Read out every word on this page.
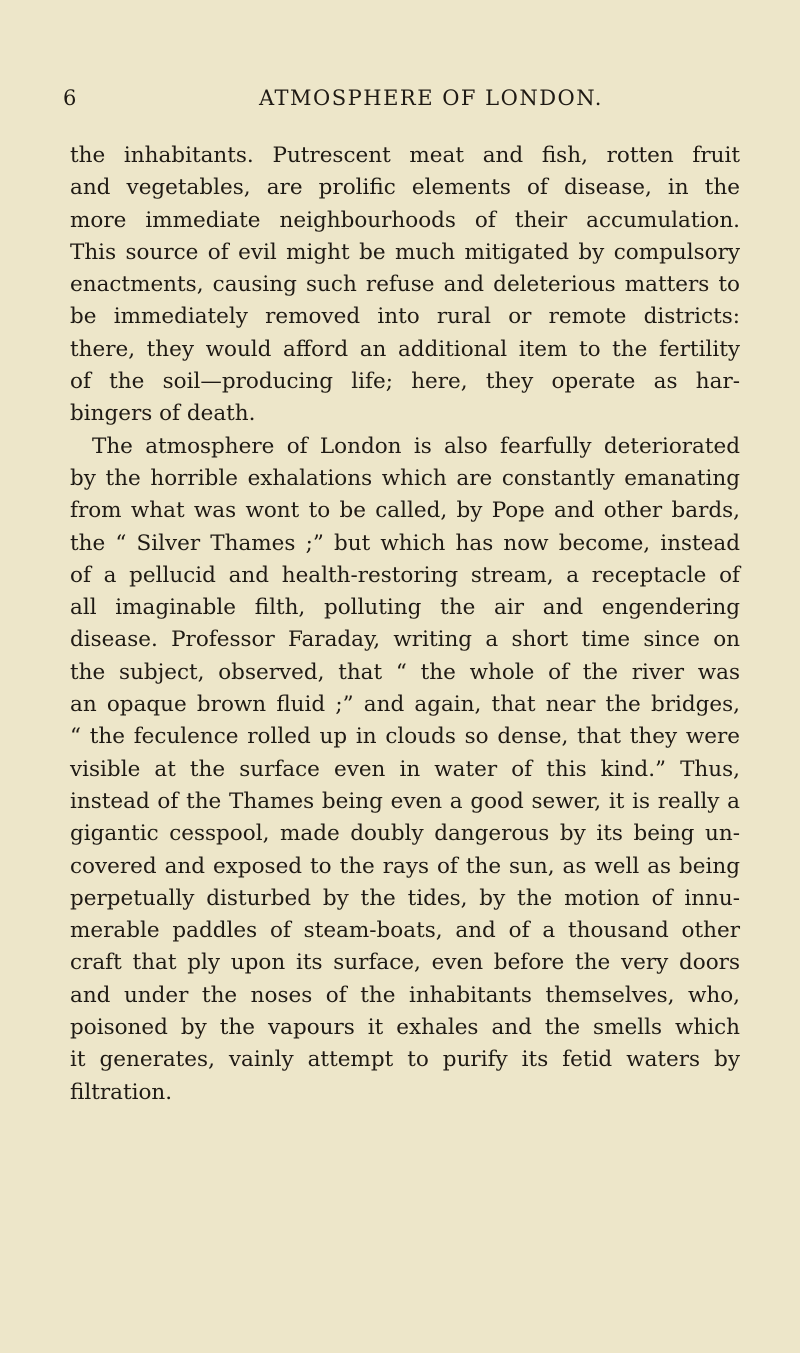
6	ATMOSPHERE OF LONDON.
the inhabitants. Putrescent meat and fish, rotten fruit
and vegetables, are prolific elements of disease, in the
more immediate neighbourhoods of their accumulation.
This source of evil might be much mitigated by compulsory
enactments, causing such refuse and deleterious matters to
be immediately removed into rural or remote districts:
there, they would afford an additional item to the fertility
of the soil—producing life; here, they operate as har-
bingers of death.
The atmosphere of London is also fearfully deteriorated
by the horrible exhalations which are constantly emanating
from what was wont to be called, by Pope and other bards,
the “ Silver Thames ;” but which has now become, instead
of a pellucid and health-restoring stream, a receptacle of
all imaginable filth, polluting the air and engendering
disease. Professor Faraday, writing a short time since on
the subject, observed, that “ the whole of the river was
an opaque brown fluid ;” and again, that near the bridges,
“ the feculence rolled up in clouds so dense, that they were
visible at the surface even in water of this kind.” Thus,
instead of the Thames being even a good sewer, it is really a
gigantic cesspool, made doubly dangerous by its being un-
covered and exposed to the rays of the sun, as well as being
perpetually disturbed by the tides, by the motion of innu-
merable paddles of steam-boats, and of a thousand other
craft that ply upon its surface, even before the very doors
and under the noses of the inhabitants themselves, who,
poisoned by the vapours it exhales and the smells which
it generates, vainly attempt to purify its fetid waters by
filtration.
